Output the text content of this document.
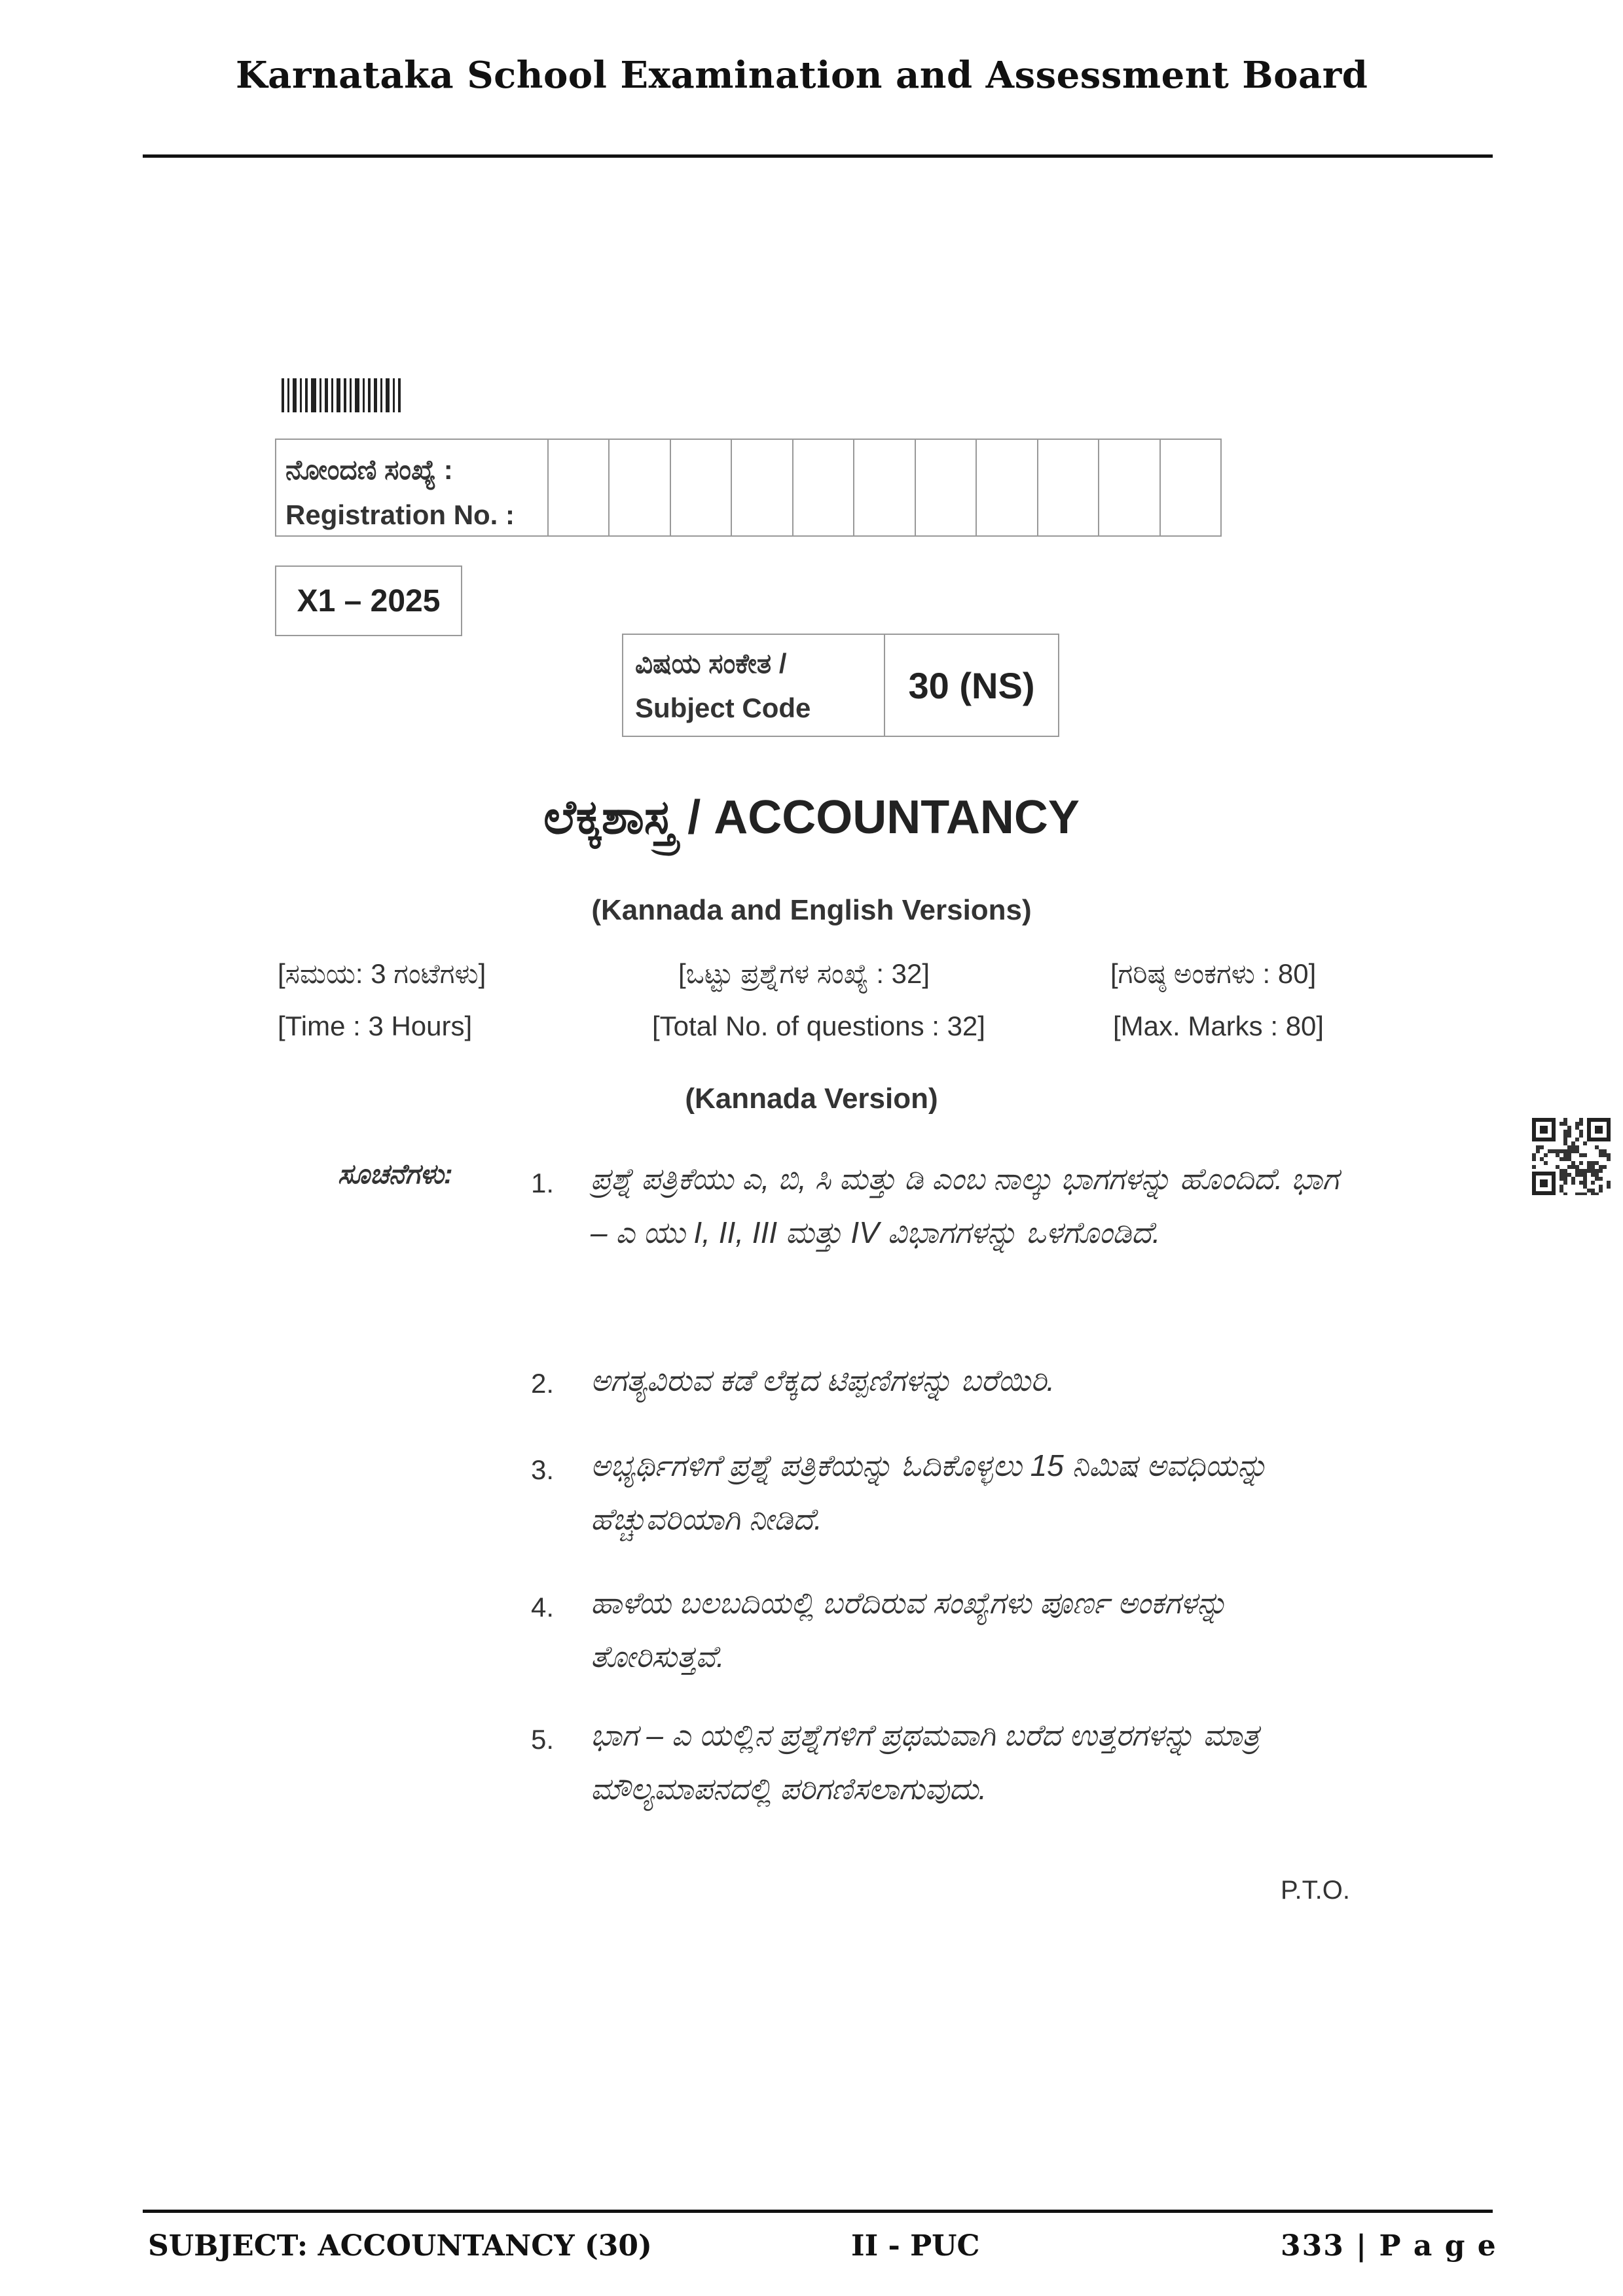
Karnataka School Examination and Assessment Board
ನೋಂದಣಿ ಸಂಖ್ಯೆ :
Registration No. :
X1 – 2025
ವಿಷಯ ಸಂಕೇತ /
Subject Code
30 (NS)
ಲೆಕ್ಕಶಾಸ್ತ್ರ / ACCOUNTANCY
(Kannada and English Versions)
[ಸಮಯ: 3 ಗಂಟೆಗಳು]	[ಒಟ್ಟು ಪ್ರಶ್ನೆಗಳ ಸಂಖ್ಯೆ : 32]	[ಗರಿಷ್ಠ ಅಂಕಗಳು : 80]
[Time : 3 Hours]	[Total No. of questions : 32]	[Max. Marks : 80]
(Kannada Version)
ಸೂಚನೆಗಳು:	1. ಪ್ರಶ್ನೆ ಪತ್ರಿಕೆಯು ಎ, ಬಿ, ಸಿ ಮತ್ತು ಡಿ ಎಂಬ ನಾಲ್ಕು ಭಾಗಗಳನ್ನು ಹೊಂದಿದೆ. ಭಾಗ – ಎ ಯು I, II, III ಮತ್ತು IV ವಿಭಾಗಗಳನ್ನು ಒಳಗೊಂಡಿದೆ.
2. ಅಗತ್ಯವಿರುವ ಕಡೆ ಲೆಕ್ಕದ ಟಿಪ್ಪಣಿಗಳನ್ನು ಬರೆಯಿರಿ.
3. ಅಭ್ಯರ್ಥಿಗಳಿಗೆ ಪ್ರಶ್ನೆ ಪತ್ರಿಕೆಯನ್ನು ಓದಿಕೊಳ್ಳಲು 15 ನಿಮಿಷ ಅವಧಿಯನ್ನು ಹೆಚ್ಚುವರಿಯಾಗಿ ನೀಡಿದೆ.
4. ಹಾಳೆಯ ಬಲಬದಿಯಲ್ಲಿ ಬರೆದಿರುವ ಸಂಖ್ಯೆಗಳು ಪೂರ್ಣ ಅಂಕಗಳನ್ನು ತೋರಿಸುತ್ತವೆ.
5. ಭಾಗ – ಎ ಯಲ್ಲಿನ ಪ್ರಶ್ನೆಗಳಿಗೆ ಪ್ರಥಮವಾಗಿ ಬರೆದ ಉತ್ತರಗಳನ್ನು ಮಾತ್ರ ಮೌಲ್ಯಮಾಪನದಲ್ಲಿ ಪರಿಗಣಿಸಲಾಗುವುದು.
P.T.O.
SUBJECT: ACCOUNTANCY (30)	II - PUC	333 | P a g e
